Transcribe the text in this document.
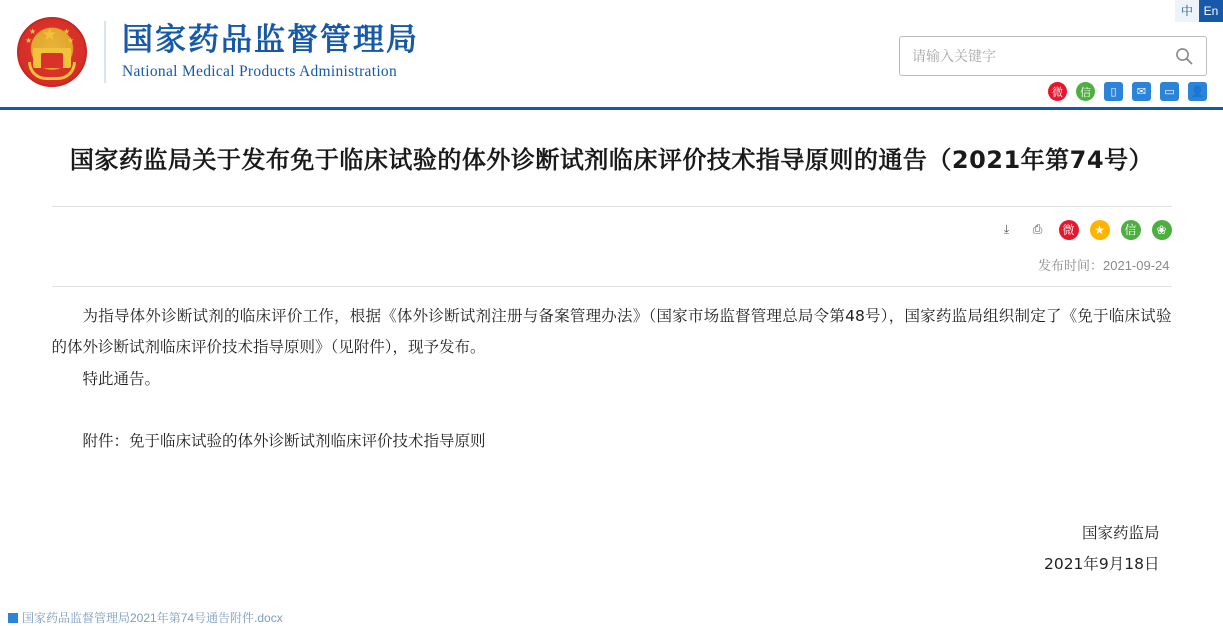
中 En
★
★
★
★
★ 国家药品监督管理局
National Medical Products Administration
请输入关键字
微	信	▯	✉	▭	👤
国家药监局关于发布免于临床试验的体外诊断试剂临床评价技术指导原则的通告（2021年第74号）
⤓	⎙	微	★	信	❀
发布时间：2021-09-24

为指导体外诊断试剂的临床评价工作，根据《体外诊断试剂注册与备案管理办法》（国家市场监督管理总局令第48号），国家药监局组织制定了《免于临床试验的体外诊断试剂临床评价技术指导原则》（见附件），现予发布。

特此通告。

附件：免于临床试验的体外诊断试剂临床评价技术指导原则

国家药监局
2021年9月18日
国家药品监督管理局2021年第74号通告附件.docx
